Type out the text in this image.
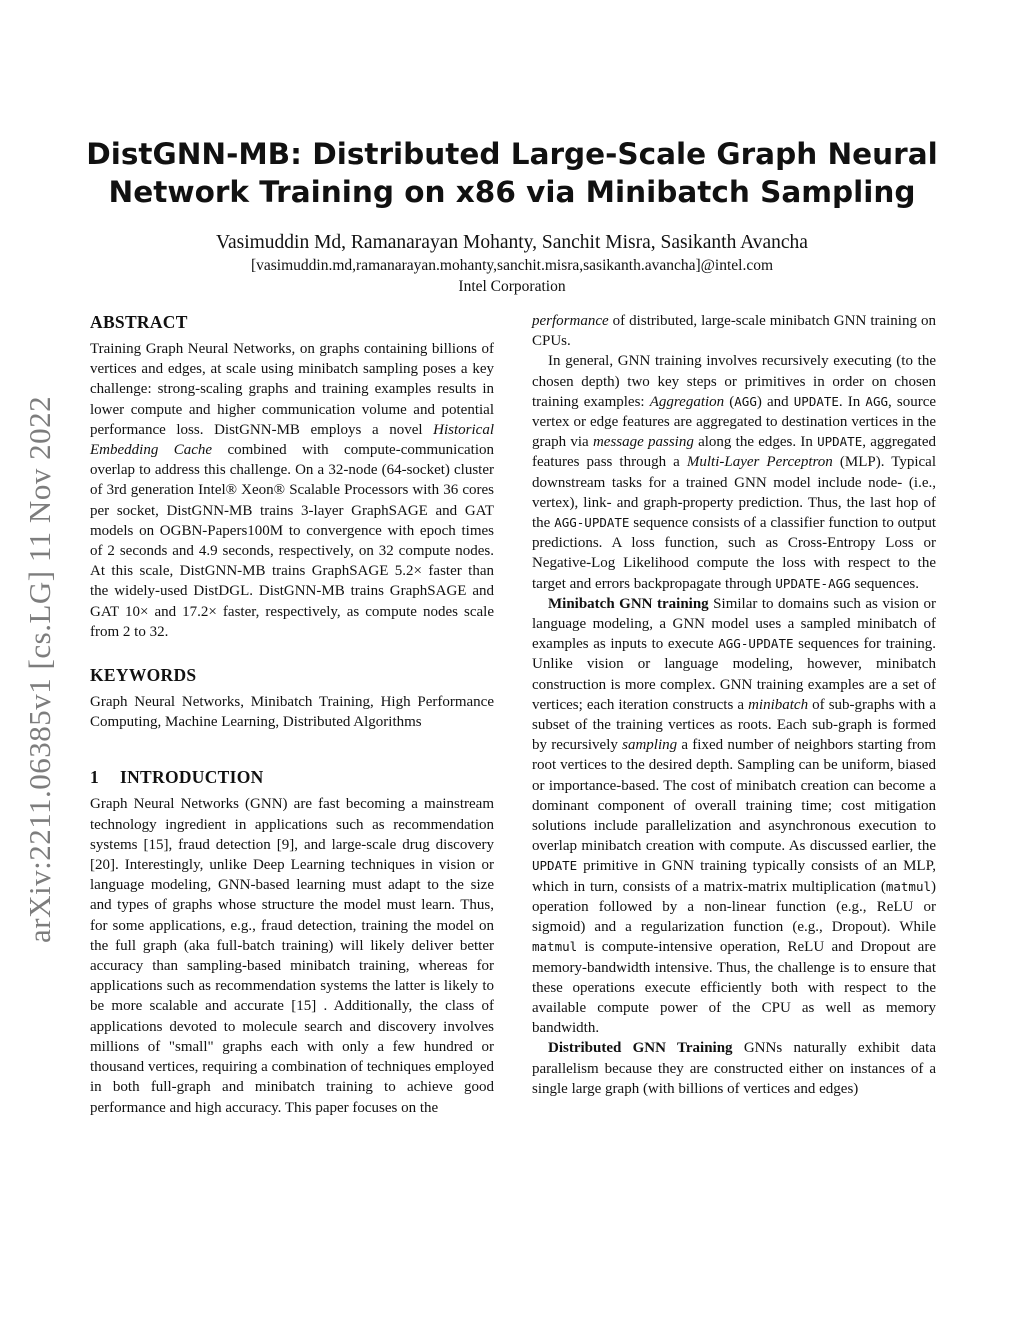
arXiv:2211.06385v1 [cs.LG] 11 Nov 2022
DistGNN-MB: Distributed Large-Scale Graph Neural
Network Training on x86 via Minibatch Sampling
Vasimuddin Md, Ramanarayan Mohanty, Sanchit Misra, Sasikanth Avancha
[vasimuddin.md,ramanarayan.mohanty,sanchit.misra,sasikanth.avancha]@intel.com
Intel Corporation
ABSTRACT

Training Graph Neural Networks, on graphs containing billions of vertices and edges, at scale using minibatch sampling poses a key challenge: strong-scaling graphs and training examples results in lower compute and higher communication volume and potential performance loss. DistGNN-MB employs a novel Historical Embedding Cache combined with compute-communication overlap to address this challenge. On a 32-node (64-socket) cluster of 3rd generation Intel® Xeon® Scalable Processors with 36 cores per socket, DistGNN-MB trains 3-layer GraphSAGE and GAT models on OGBN-Papers100M to convergence with epoch times of 2 seconds and 4.9 seconds, respectively, on 32 compute nodes. At this scale, DistGNN-MB trains GraphSAGE 5.2× faster than the widely-used DistDGL. DistGNN-MB trains GraphSAGE and GAT 10× and 17.2× faster, respectively, as compute nodes scale from 2 to 32.

KEYWORDS

Graph Neural Networks, Minibatch Training, High Performance Computing, Machine Learning, Distributed Algorithms

1 INTRODUCTION

Graph Neural Networks (GNN) are fast becoming a mainstream technology ingredient in applications such as recommendation systems [15], fraud detection [9], and large-scale drug discovery [20]. Interestingly, unlike Deep Learning techniques in vision or language modeling, GNN-based learning must adapt to the size and types of graphs whose structure the model must learn. Thus, for some applications, e.g., fraud detection, training the model on the full graph (aka full-batch training) will likely deliver better accuracy than sampling-based minibatch training, whereas for applications such as recommendation systems the latter is likely to be more scalable and accurate [15] . Additionally, the class of applications devoted to molecule search and discovery involves millions of "small" graphs each with only a few hundred or thousand vertices, requiring a combination of techniques employed in both full-graph and minibatch training to achieve good performance and high accuracy. This paper focuses on the

performance of distributed, large-scale minibatch GNN training on CPUs.

In general, GNN training involves recursively executing (to the chosen depth) two key steps or primitives in order on chosen training examples: Aggregation (AGG) and UPDATE. In AGG, source vertex or edge features are aggregated to destination vertices in the graph via message passing along the edges. In UPDATE, aggregated features pass through a Multi-Layer Perceptron (MLP). Typical downstream tasks for a trained GNN model include node- (i.e., vertex), link- and graph-property prediction. Thus, the last hop of the AGG-UPDATE sequence consists of a classifier function to output predictions. A loss function, such as Cross-Entropy Loss or Negative-Log Likelihood compute the loss with respect to the target and errors backpropagate through UPDATE-AGG sequences.

Minibatch GNN training Similar to domains such as vision or language modeling, a GNN model uses a sampled minibatch of examples as inputs to execute AGG-UPDATE sequences for training. Unlike vision or language modeling, however, minibatch construction is more complex. GNN training examples are a set of vertices; each iteration constructs a minibatch of sub-graphs with a subset of the training vertices as roots. Each sub-graph is formed by recursively sampling a fixed number of neighbors starting from root vertices to the desired depth. Sampling can be uniform, biased or importance-based. The cost of minibatch creation can become a dominant component of overall training time; cost mitigation solutions include parallelization and asynchronous execution to overlap minibatch creation with compute. As discussed earlier, the UPDATE primitive in GNN training typically consists of an MLP, which in turn, consists of a matrix-matrix multiplication (matmul) operation followed by a non-linear function (e.g., ReLU or sigmoid) and a regularization function (e.g., Dropout). While matmul is compute-intensive operation, ReLU and Dropout are memory-bandwidth intensive. Thus, the challenge is to ensure that these operations execute efficiently both with respect to the available compute power of the CPU as well as memory bandwidth.

Distributed GNN Training GNNs naturally exhibit data parallelism because they are constructed either on instances of a single large graph (with billions of vertices and edges)
